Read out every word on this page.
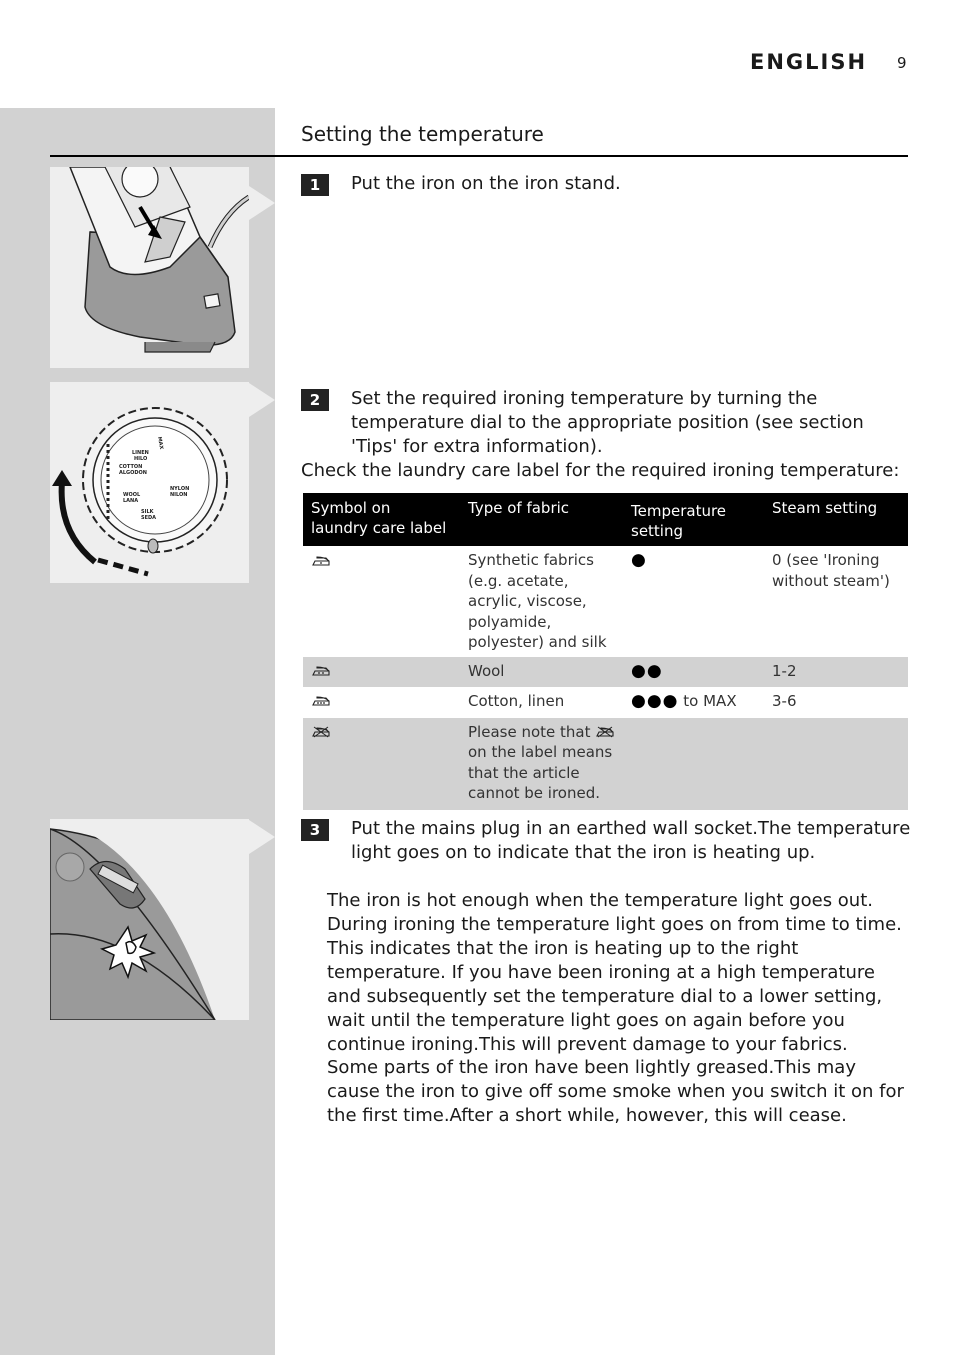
ENGLISH 9
Setting the temperature
LINEN
HILO
COTTON
ALGODON
NYLON
NILON
WOOL
LANA
SILK
SEDA
MAX
1	Put the iron on the iron stand.
2	Set the required ironing temperature by turning the temperature dial to the appropriate position (see section 'Tips' for extra information).
Check the laundry care label for the required ironing temperature:
Symbol on laundry care label	Type of fabric	Temperature setting	Steam setting
	Synthetic fabrics (e.g. acetate, acrylic, viscose, polyamide, polyester) and silk	●	0 (see 'Ironing without steam')
	Wool	●●	1-2
	Cotton, linen	●●● to MAX	3-6
	Please note that  on the label means that the article cannot be ironed.		
3	Put the mains plug in an earthed wall socket.The temperature light goes on to indicate that the iron is heating up.
The iron is hot enough when the temperature light goes out. During ironing the temperature light goes on from time to time. This indicates that the iron is heating up to the right temperature. If you have been ironing at a high temperature and subsequently set the temperature dial to a lower setting, wait until the temperature light goes on again before you continue ironing.This will prevent damage to your fabrics.
Some parts of the iron have been lightly greased.This may cause the iron to give off some smoke when you switch it on for the first time.After a short while, however, this will cease.
